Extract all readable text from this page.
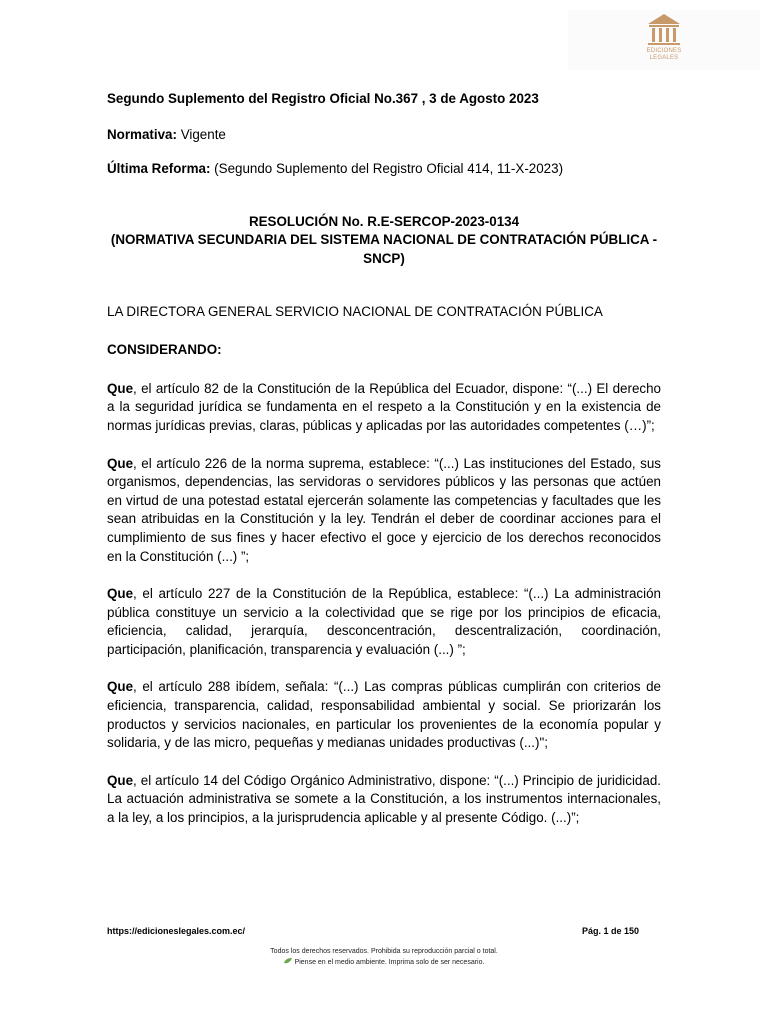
EDICIONES
LEGALES

Segundo Suplemento del Registro Oficial No.367 , 3 de Agosto 2023

Normativa: Vigente

Última Reforma: (Segundo Suplemento del Registro Oficial 414, 11-X-2023)

RESOLUCIÓN No. R.E-SERCOP-2023-0134
(NORMATIVA SECUNDARIA DEL SISTEMA NACIONAL DE CONTRATACIÓN PÚBLICA - SNCP)

LA DIRECTORA GENERAL SERVICIO NACIONAL DE CONTRATACIÓN PÚBLICA

CONSIDERANDO:

Que, el artículo 82 de la Constitución de la República del Ecuador, dispone: “(...) El derecho a la seguridad jurídica se fundamenta en el respeto a la Constitución y en la existencia de normas jurídicas previas, claras, públicas y aplicadas por las autoridades competentes (…)”;

Que, el artículo 226 de la norma suprema, establece: “(...) Las instituciones del Estado, sus organismos, dependencias, las servidoras o servidores públicos y las personas que actúen en virtud de una potestad estatal ejercerán solamente las competencias y facultades que les sean atribuidas en la Constitución y la ley. Tendrán el deber de coordinar acciones para el cumplimiento de sus fines y hacer efectivo el goce y ejercicio de los derechos reconocidos en la Constitución (...) ”;

Que, el artículo 227 de la Constitución de la República, establece: “(...) La administración pública constituye un servicio a la colectividad que se rige por los principios de eficacia, eficiencia, calidad, jerarquía, desconcentración, descentralización, coordinación, participación, planificación, transparencia y evaluación (...) ”;

Que, el artículo 288 ibídem, señala: “(...) Las compras públicas cumplirán con criterios de eficiencia, transparencia, calidad, responsabilidad ambiental y social. Se priorizarán los productos y servicios nacionales, en particular los provenientes de la economía popular y solidaria, y de las micro, pequeñas y medianas unidades productivas (...)";

Que, el artículo 14 del Código Orgánico Administrativo, dispone: “(...) Principio de juridicidad. La actuación administrativa se somete a la Constitución, a los instrumentos internacionales, a la ley, a los principios, a la jurisprudencia aplicable y al presente Código. (...)”;

https://edicioneslegales.com.ec/	Pág. 1 de 150
Todos los derechos reservados. Prohibida su reproducción parcial o total.
Piense en el medio ambiente. Imprima solo de ser necesario.
